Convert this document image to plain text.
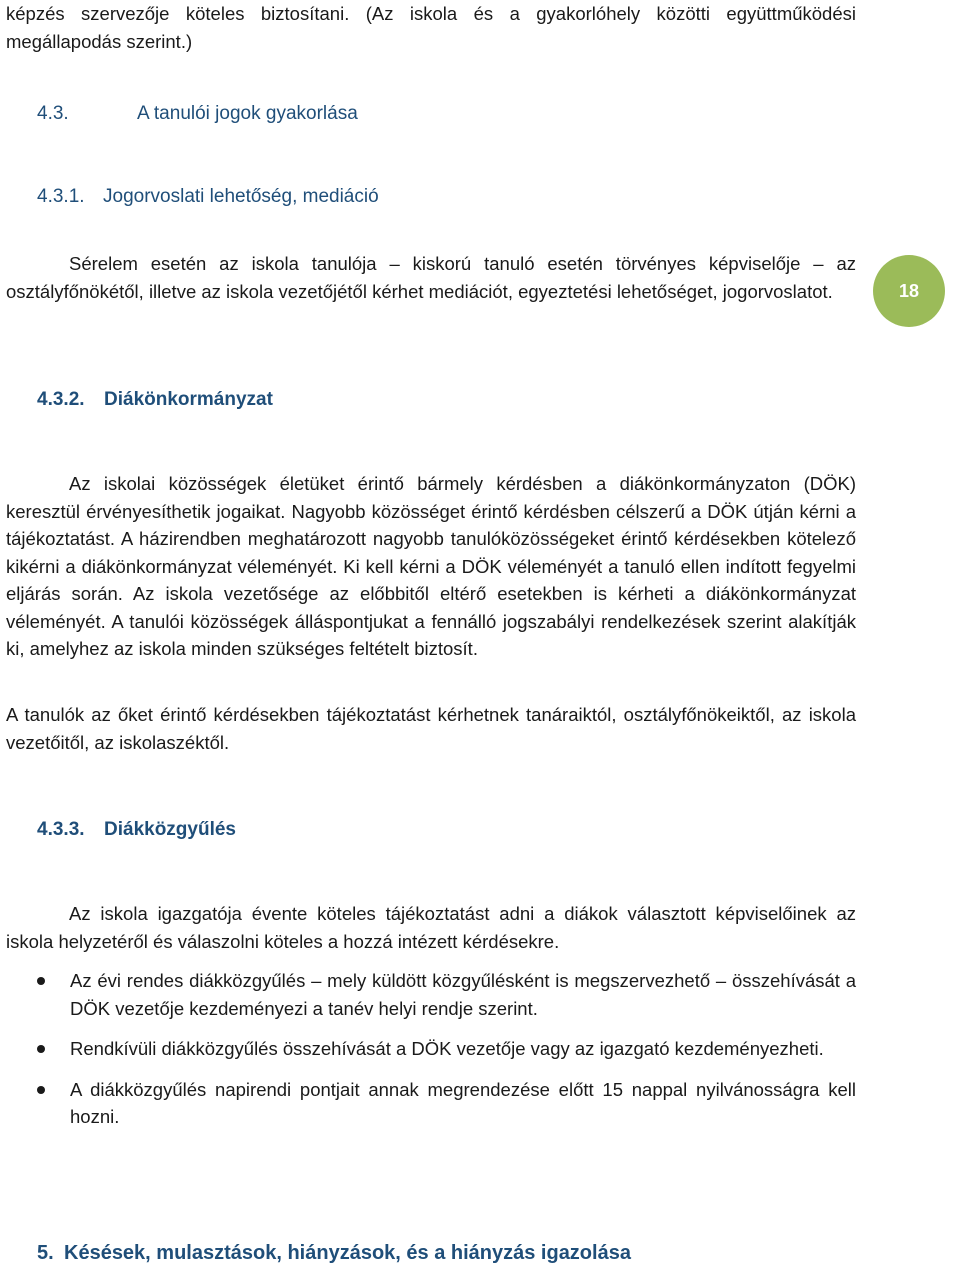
képzés szervezője köteles biztosítani. (Az iskola és a gyakorlóhely közötti együttműködési megállapodás szerint.)
4.3.	A tanulói jogok gyakorlása
4.3.1. Jogorvoslati lehetőség, mediáció
Sérelem esetén az iskola tanulója – kiskorú tanuló esetén törvényes képviselője – az osztályfőnökétől, illetve az iskola vezetőjétől kérhet mediációt, egyeztetési lehetőséget, jogorvoslatot.	18
4.3.2. Diákönkormányzat
Az iskolai közösségek életüket érintő bármely kérdésben a diákönkormányzaton (DÖK) keresztül érvényesíthetik jogaikat. Nagyobb közösséget érintő kérdésben célszerű a DÖK útján kérni a tájékoztatást. A házirendben meghatározott nagyobb tanulóközösségeket érintő kérdésekben kötelező kikérni a diákönkormányzat véleményét. Ki kell kérni a DÖK véleményét a tanuló ellen indított fegyelmi eljárás során. Az iskola vezetősége az előbbitől eltérő esetekben is kérheti a diákönkormányzat véleményét. A tanulói közösségek álláspontjukat a fennálló jogszabályi rendelkezések szerint alakítják ki, amelyhez az iskola minden szükséges feltételt biztosít.
A tanulók az őket érintő kérdésekben tájékoztatást kérhetnek tanáraiktól, osztályfőnökeiktől, az iskola vezetőitől, az iskolaszéktől.
4.3.3. Diákközgyűlés
Az iskola igazgatója évente köteles tájékoztatást adni a diákok választott képviselőinek az iskola helyzetéről és válaszolni köteles a hozzá intézett kérdésekre.
Az évi rendes diákközgyűlés – mely küldött közgyűlésként is megszervezhető – összehívását a DÖK vezetője kezdeményezi a tanév helyi rendje szerint.
Rendkívüli diákközgyűlés összehívását a DÖK vezetője vagy az igazgató kezdeményezheti.
A diákközgyűlés napirendi pontjait annak megrendezése előtt 15 nappal nyilvánosságra kell hozni.
5. Késések, mulasztások, hiányzások, és a hiányzás igazolása
